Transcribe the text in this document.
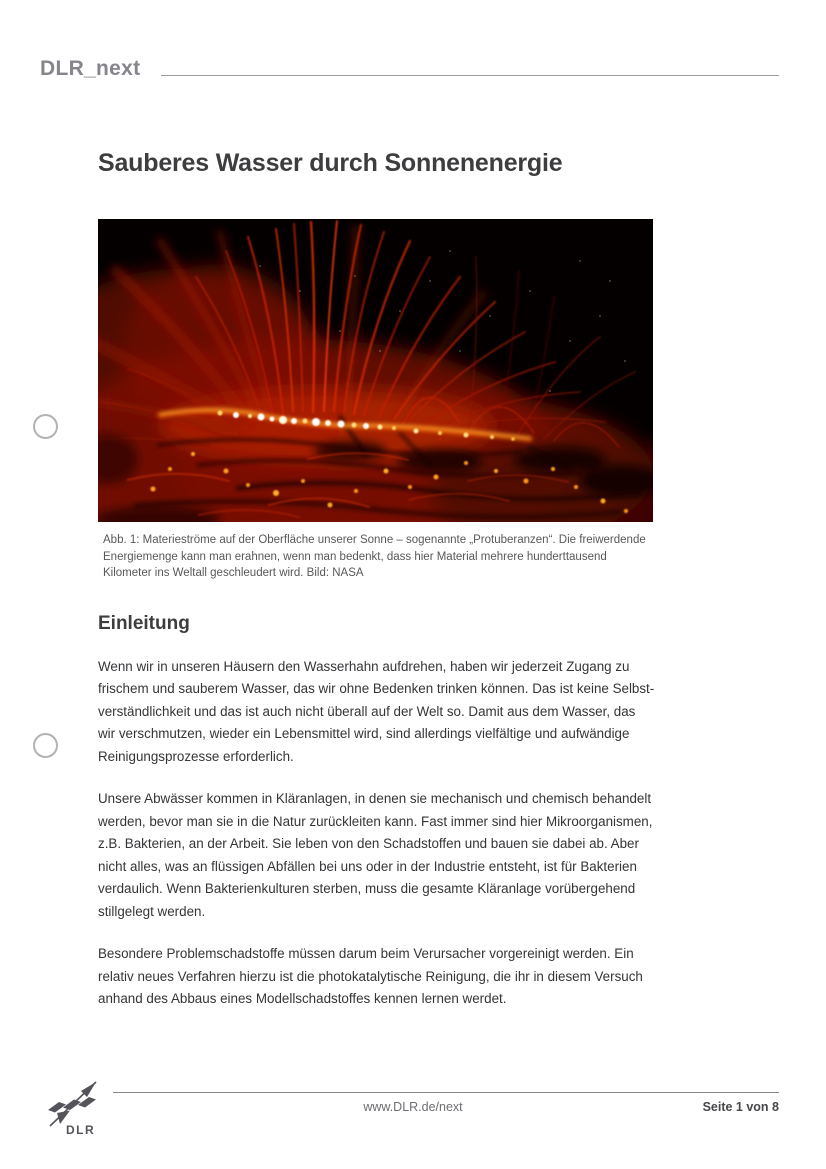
DLR_next
Sauberes Wasser durch Sonnenenergie
Abb. 1: Materieströme auf der Oberfläche unserer Sonne – sogenannte „Protuberanzen“. Die freiwerdende Energiemenge kann man erahnen, wenn man bedenkt, dass hier Material mehrere hunderttausend Kilometer ins Weltall geschleudert wird. Bild: NASA
Einleitung

Wenn wir in unseren Häusern den Wasserhahn aufdrehen, haben wir jederzeit Zugang zu frischem und sauberem Wasser, das wir ohne Bedenken trinken können. Das ist keine Selbst-verständlichkeit und das ist auch nicht überall auf der Welt so. Damit aus dem Wasser, das wir verschmutzen, wieder ein Lebensmittel wird, sind allerdings vielfältige und aufwändige Reinigungsprozesse erforderlich.

Unsere Abwässer kommen in Kläranlagen, in denen sie mechanisch und chemisch behandelt werden, bevor man sie in die Natur zurückleiten kann. Fast immer sind hier Mikroorganismen, z.B. Bakterien, an der Arbeit. Sie leben von den Schadstoffen und bauen sie dabei ab. Aber nicht alles, was an flüssigen Abfällen bei uns oder in der Industrie entsteht, ist für Bakterien verdaulich. Wenn Bakterienkulturen sterben, muss die gesamte Kläranlage vorübergehend stillgelegt werden.

Besondere Problemschadstoffe müssen darum beim Verursacher vorgereinigt werden. Ein relativ neues Verfahren hierzu ist die photokatalytische Reinigung, die ihr in diesem Versuch anhand des Abbaus eines Modellschadstoffes kennen lernen werdet.

DLR
www.DLR.de/next	Seite 1 von 8
